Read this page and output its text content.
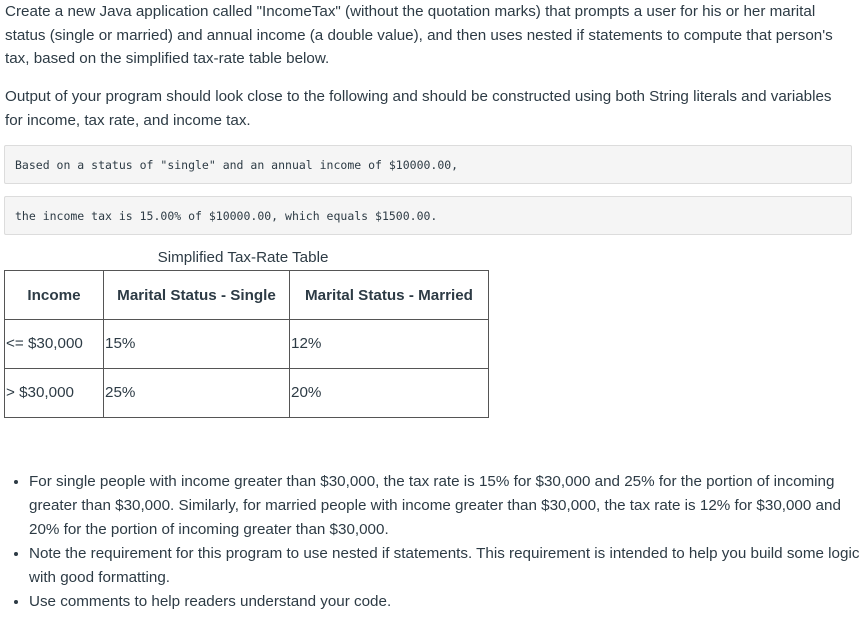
Create a new Java application called "IncomeTax" (without the quotation marks) that prompts a user for his or her marital status (single or married) and annual income (a double value), and then uses nested if statements to compute that person's tax, based on the simplified tax-rate table below.

Output of your program should look close to the following and should be constructed using both String literals and variables for income, tax rate, and income tax.

Based on a status of "single" and an annual income of $10000.00,
the income tax is 15.00% of $10000.00, which equals $1500.00.
Simplified Tax-Rate Table
Income	Marital Status - Single	Marital Status - Married

<= $30,000	15%	12%

> $30,000	25%	20%
• For single people with income greater than $30,000, the tax rate is 15% for $30,000 and 25% for the portion of incoming greater than $30,000. Similarly, for married people with income greater than $30,000, the tax rate is 12% for $30,000 and 20% for the portion of incoming greater than $30,000.
• Note the requirement for this program to use nested if statements. This requirement is intended to help you build some logic with good formatting.
• Use comments to help readers understand your code.
